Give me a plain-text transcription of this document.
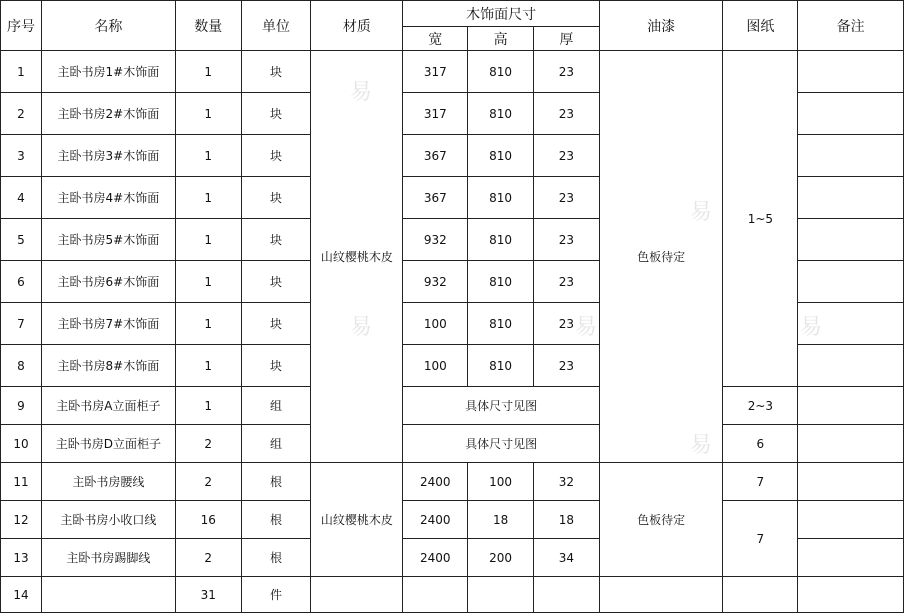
序号	名称	数量	单位	材质	木饰面尺寸			油漆	图纸	备注
					宽	高	厚			
1	主卧书房1#木饰面	1	块	山纹樱桃木皮	317	810	23	色板待定	1~5	
2	主卧书房2#木饰面	1	块		317	810	23			
3	主卧书房3#木饰面	1	块		367	810	23			
4	主卧书房4#木饰面	1	块		367	810	23			
5	主卧书房5#木饰面	1	块		932	810	23			
6	主卧书房6#木饰面	1	块		932	810	23			
7	主卧书房7#木饰面	1	块		100	810	23			
8	主卧书房8#木饰面	1	块		100	810	23			
9	主卧书房A立面柜子	1	组		具体尺寸见图				2~3	
10	主卧书房D立面柜子	2	组		具体尺寸见图				6	
11	主卧书房腰线	2	根	山纹樱桃木皮	2400	100	32	色板待定	7	
12	主卧书房小收口线	16	根		2400	18	18		7	
13	主卧书房踢脚线	2	根		2400	200	34			
14		31	件							
易
易
易	易	易
易
